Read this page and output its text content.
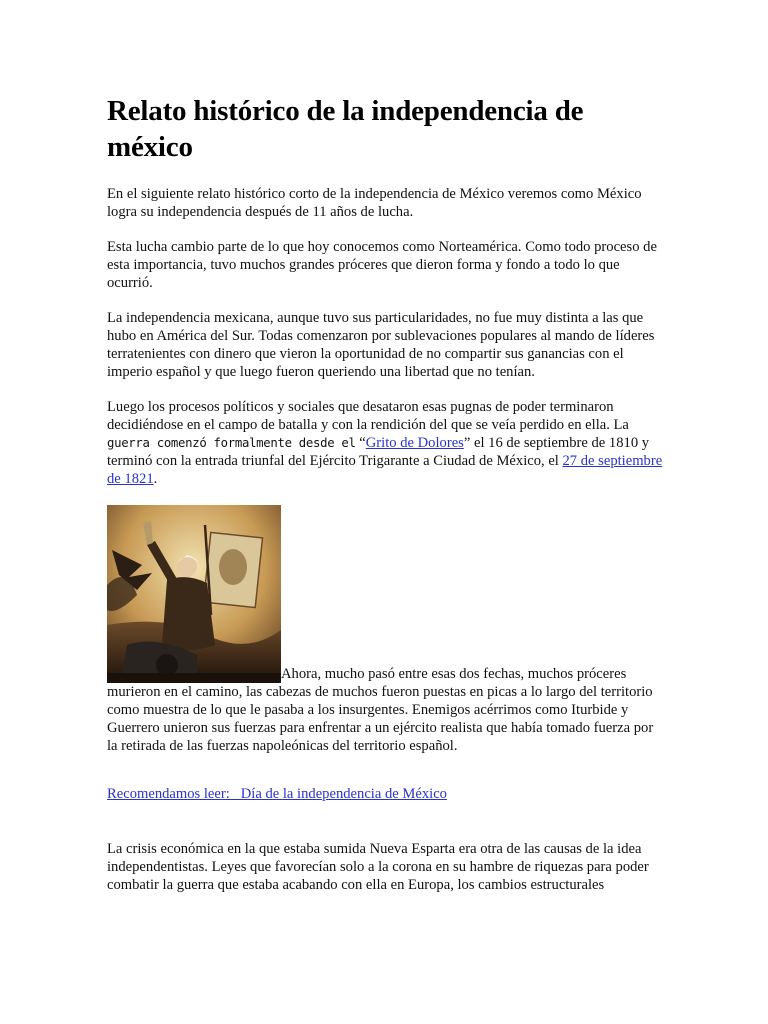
Relato histórico de la independencia de méxico

En el siguiente relato histórico corto de la independencia de México veremos como México logra su independencia después de 11 años de lucha.

Esta lucha cambio parte de lo que hoy conocemos como Norteamérica. Como todo proceso de esta importancia, tuvo muchos grandes próceres que dieron forma y fondo a todo lo que ocurrió.

La independencia mexicana, aunque tuvo sus particularidades, no fue muy distinta a las que hubo en América del Sur. Todas comenzaron por sublevaciones populares al mando de líderes terratenientes con dinero que vieron la oportunidad de no compartir sus ganancias con el imperio español y que luego fueron queriendo una libertad que no tenían.

Luego los procesos políticos y sociales que desataron esas pugnas de poder terminaron decidiéndose en el campo de batalla y con la rendición del que se veía perdido en ella. La
guerra comenzó formalmente desde el “Grito de Dolores” el 16 de septiembre de 1810 y terminó con la entrada triunfal del Ejército Trigarante a Ciudad de México, el 27 de septiembre de 1821.

Ahora, mucho pasó entre esas dos fechas, muchos próceres murieron en el camino, las cabezas de muchos fueron puestas en picas a lo largo del territorio como muestra de lo que le pasaba a los insurgentes. Enemigos acérrimos como Iturbide y Guerrero unieron sus fuerzas para enfrentar a un ejército realista que había tomado fuerza por la retirada de las fuerzas napoleónicas del territorio español.

Recomendamos leer:   Día de la independencia de México

La crisis económica en la que estaba sumida Nueva Esparta era otra de las causas de la idea independentistas. Leyes que favorecían solo a la corona en su hambre de riquezas para poder combatir la guerra que estaba acabando con ella en Europa, los cambios estructurales
